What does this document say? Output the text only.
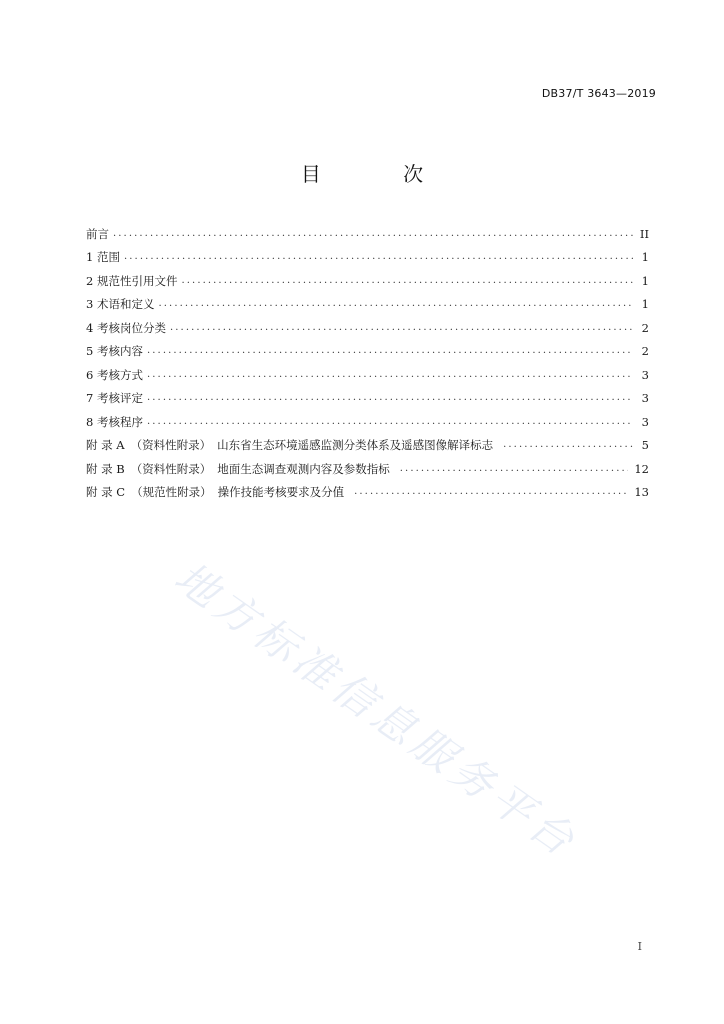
DB37/T 3643—2019
目 次
前言 .....	II
1 范围 .....	1
2 规范性引用文件 .....	1
3 术语和定义 .....	1
4 考核岗位分类 .....	2
5 考核内容 .....	2
6 考核方式 .....	3
7 考核评定 .....	3
8 考核程序 .....	3
附 录 A （资料性附录） 山东省生态环境遥感监测分类体系及遥感图像解译标志 .....	5
附 录 B （资料性附录） 地面生态调查观测内容及参数指标 .....	12
附 录 C （规范性附录） 操作技能考核要求及分值 .....	13
地方标准信息服务平台
I
